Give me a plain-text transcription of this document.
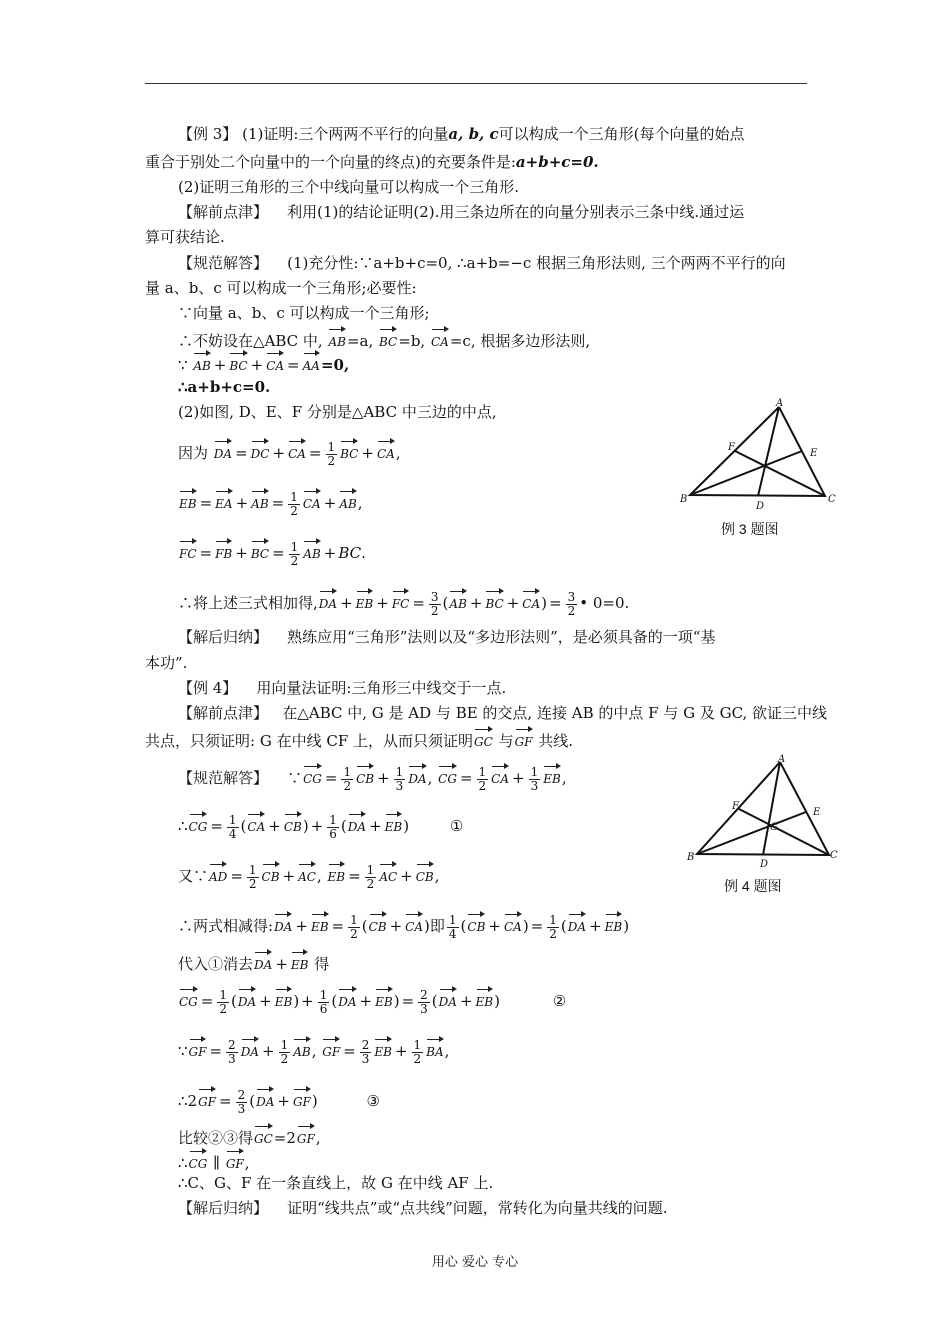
【例 3】 (1)证明:三个两两不平行的向量a, b, c可以构成一个三角形(每个向量的始点
重合于别处二个向量中的一个向量的终点)的充要条件是:a+b+c=0.
(2)证明三角形的三个中线向量可以构成一个三角形.
【解前点津】 利用(1)的结论证明(2).用三条边所在的向量分别表示三条中线.通过运
算可获结论.
【规范解答】 (1)充分性:∵a+b+c=0, ∴a+b=−c 根据三角形法则, 三个两两不平行的向
量 a、b、c 可以构成一个三角形;必要性:
∵向量 a、b、c 可以构成一个三角形;
∴不妨设在△ABC 中, AB=a, BC=b, CA=c, 根据多边形法则,
∵ AB + BC + CA = AA=0,
∴a+b+c=0.
(2)如图, D、E、F 分别是△ABC 中三边的中点,
因为 DA = DC + CA = $\frac{1}{2}$ BC + CA,
EB = EA + AB = $\frac{1}{2}$ CA + AB,
FC = FB + BC = $\frac{1}{2}$ AB + BC.
∴将上述三式相加得,DA + EB + FC = $\frac{3}{2} (AB$ + BC + $CA) = \frac{3}{2}$ • 0=0.
【解后归纳】 熟练应用“三角形”法则以及“多边形法则”，是必须具备的一项“基
本功”.
A
B	C
D
E
F
例 3 题图
【例 4】 用向量法证明:三角形三中线交于一点.
【解前点津】 在△ABC 中, G 是 AD 与 BE 的交点, 连接 AB 的中点 F 与 G 及 GC, 欲证三中线
共点，只须证明: G 在中线 CF 上，从而只须证明GC 与GF 共线.
【规范解答】    ∵CG = $\frac{1}{2}$ CB + $\frac{1}{3}$ DA, CG = $\frac{1}{2}$ CA + $\frac{1}{3}$ EB,
∴CG = $\frac{1}{4} (CA + CB) + \frac{1}{6} (DA + EB)$ ①
又∵AD = $\frac{1}{2}$ CB + AC, EB = $\frac{1}{2}$ AC + CB,
∴两式相减得:DA + EB = $\frac{1}{2} (CB + CA)$即 $\frac{1}{4} (CB + CA) = \frac{1}{2} (DA + EB)$
代入①消去DA + EB 得
CG = $\frac{1}{2} (DA + EB) + \frac{1}{6} (DA + EB) = \frac{2}{3} (DA + EB)$	②
∵GF = $\frac{2}{3}$ DA + $\frac{1}{2}$ AB, GF = $\frac{2}{3}$ EB + $\frac{1}{2}$ BA,
∴2GF = $\frac{2}{3} (DA + GF)$	③
比较②③得GC=2GF,
∴CG ∥ GF,
∴C、G、F 在一条直线上，故 G 在中线 AF 上.
【解后归纳】 证明“线共点”或“点共线”问题，常转化为向量共线的问题.
A
B	C
D
E
F
G
例 4 题图
用心 爱心 专心
